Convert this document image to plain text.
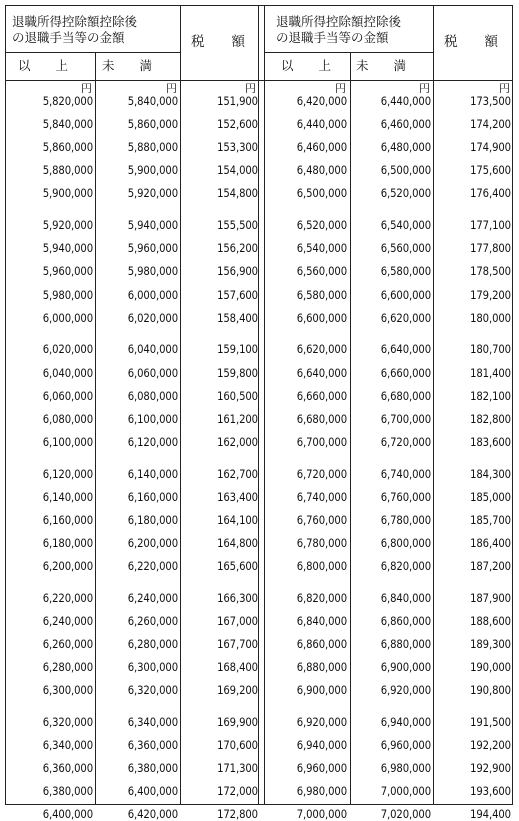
退職所得控除額控除後
の退職手当等の金額	税　　額
以　　上	未　　満
退職所得控除額控除後
の退職手当等の金額	税　　額
以　　上 未　　満
円	円	円	円	円	円
5,820,000	5,840,000	151,900
5,840,000	5,860,000	152,600
5,860,000	5,880,000	153,300
5,880,000	5,900,000	154,000
5,900,000	5,920,000	154,800
5,920,000	5,940,000	155,500
5,940,000	5,960,000	156,200
5,960,000	5,980,000	156,900
5,980,000	6,000,000	157,600
6,000,000	6,020,000	158,400
6,020,000	6,040,000	159,100
6,040,000	6,060,000	159,800
6,060,000	6,080,000	160,500
6,080,000	6,100,000	161,200
6,100,000	6,120,000	162,000
6,120,000	6,140,000	162,700
6,140,000	6,160,000	163,400
6,160,000	6,180,000	164,100
6,180,000	6,200,000	164,800
6,200,000	6,220,000	165,600
6,220,000	6,240,000	166,300
6,240,000	6,260,000	167,000
6,260,000	6,280,000	167,700
6,280,000	6,300,000	168,400
6,300,000	6,320,000	169,200
6,320,000	6,340,000	169,900
6,340,000	6,360,000	170,600
6,360,000	6,380,000	171,300
6,380,000	6,400,000	172,000
6,400,000	6,420,000	172,800
6,420,000	6,440,000	173,500
6,440,000	6,460,000	174,200
6,460,000	6,480,000	174,900
6,480,000	6,500,000	175,600
6,500,000	6,520,000	176,400
6,520,000	6,540,000	177,100
6,540,000	6,560,000	177,800
6,560,000	6,580,000	178,500
6,580,000	6,600,000	179,200
6,600,000	6,620,000	180,000
6,620,000	6,640,000	180,700
6,640,000	6,660,000	181,400
6,660,000	6,680,000	182,100
6,680,000	6,700,000	182,800
6,700,000	6,720,000	183,600
6,720,000	6,740,000	184,300
6,740,000	6,760,000	185,000
6,760,000	6,780,000	185,700
6,780,000	6,800,000	186,400
6,800,000	6,820,000	187,200
6,820,000	6,840,000	187,900
6,840,000	6,860,000	188,600
6,860,000	6,880,000	189,300
6,880,000	6,900,000	190,000
6,900,000	6,920,000	190,800
6,920,000	6,940,000	191,500
6,940,000	6,960,000	192,200
6,960,000	6,980,000	192,900
6,980,000	7,000,000	193,600
7,000,000	7,020,000	194,400
